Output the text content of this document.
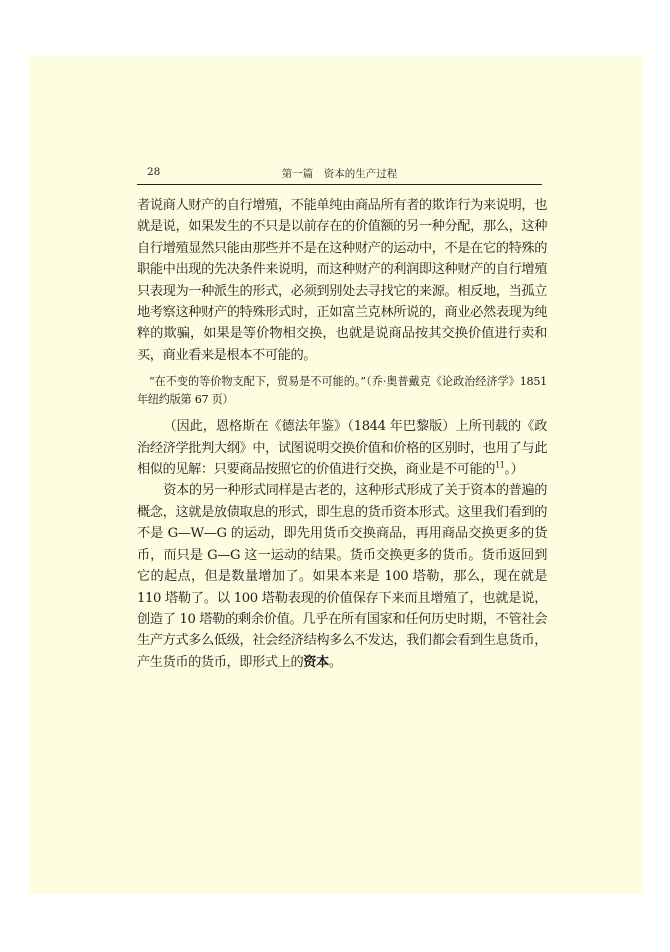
28	第一篇　资本的生产过程

者说商人财产的自行增殖，不能单纯由商品所有者的欺诈行为来说明，也就是说，如果发生的不只是以前存在的价值额的另一种分配，那么，这种自行增殖显然只能由那些并不是在这种财产的运动中，不是在它的特殊的职能中出现的先决条件来说明，而这种财产的利润即这种财产的自行增殖只表现为一种派生的形式，必须到别处去寻找它的来源。相反地，当孤立地考察这种财产的特殊形式时，正如富兰克林所说的，商业必然表现为纯粹的欺骗，如果是等价物相交换，也就是说商品按其交换价值进行卖和买，商业看来是根本不可能的。

“在不变的等价物支配下，贸易是不可能的。”（乔·奥普戴克《论政治经济学》1851 年纽约版第 67 页）

（因此，恩格斯在《德法年鉴》（1844 年巴黎版）上所刊载的《政治经济学批判大纲》中，试图说明交换价值和价格的区别时，也用了与此相似的见解：只要商品按照它的价值进行交换，商业是不可能的$^{11}$。）

资本的另一种形式同样是古老的，这种形式形成了关于资本的普遍的概念，这就是放债取息的形式，即生息的货币资本形式。这里我们看到的不是 G—W—G 的运动，即先用货币交换商品，再用商品交换更多的货币，而只是 G—G 这一运动的结果。货币交换更多的货币。货币返回到它的起点，但是数量增加了。如果本来是 100 塔勒，那么，现在就是 110 塔勒了。以 100 塔勒表现的价值保存下来而且增殖了，也就是说，创造了 10 塔勒的剩余价值。几乎在所有国家和任何历史时期，不管社会生产方式多么低级，社会经济结构多么不发达，我们都会看到生息货币，产生货币的货币，即形式上的资本。
